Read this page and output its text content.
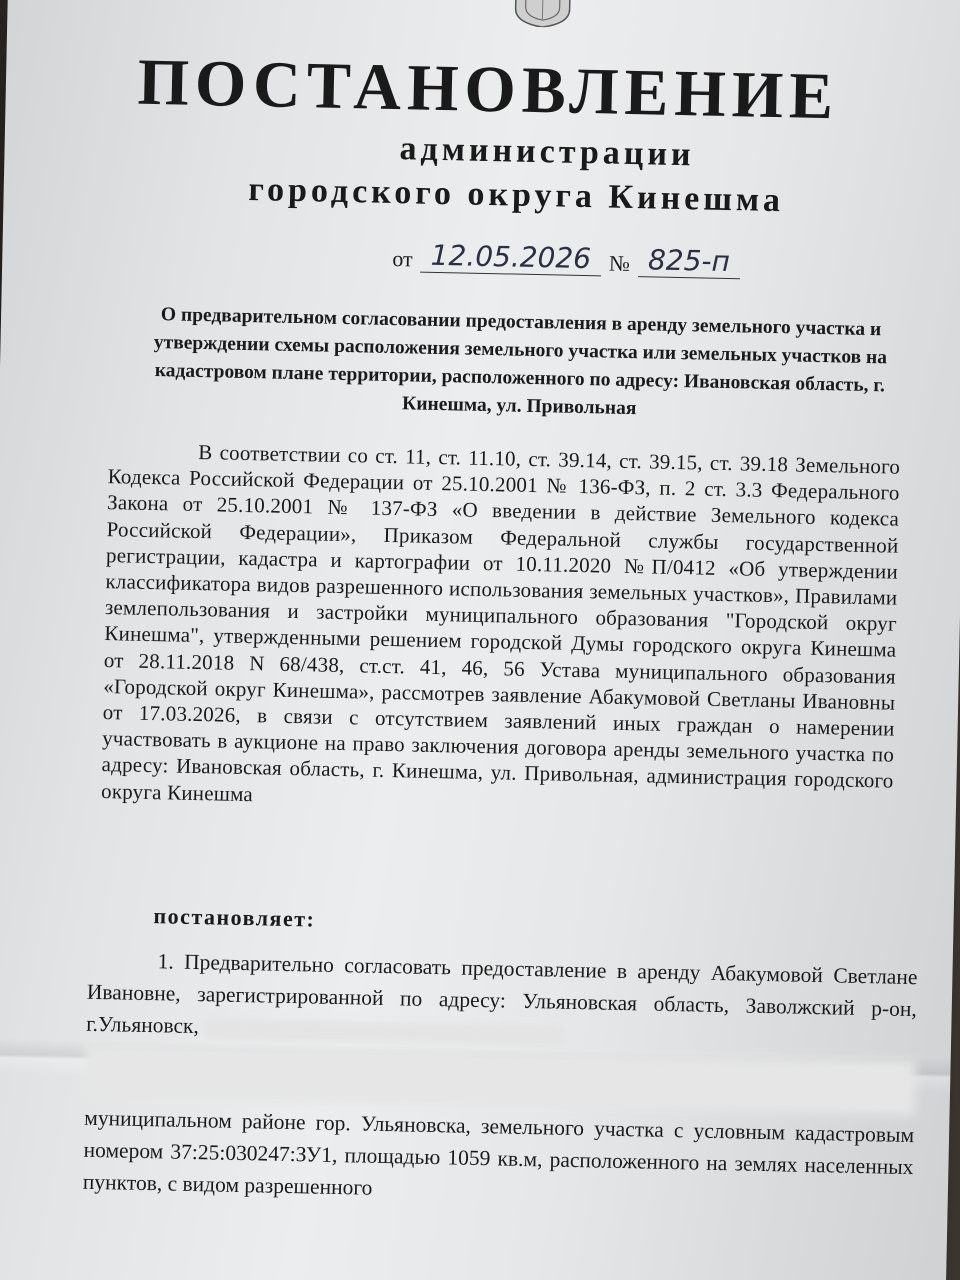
ПОСТАНОВЛЕНИЕ
администрации
городского округа Кинешма
от 12.05.2026 № 825-п
О предварительном согласовании предоставления в аренду земельного участка и утверждении схемы расположения земельного участка или земельных участков на кадастровом плане территории, расположенного по адресу: Ивановская область, г. Кинешма, ул. Привольная
В соответствии со ст. 11, ст. 11.10, ст. 39.14, ст. 39.15, ст. 39.18 Земельного Кодекса Российской Федерации от 25.10.2001 № 136-ФЗ, п. 2 ст. 3.3 Федерального Закона от 25.10.2001 № 137-ФЗ «О введении в действие Земельного кодекса Российской Федерации», Приказом Федеральной службы государственной регистрации, кадастра и картографии от 10.11.2020 №П/0412 «Об утверждении классификатора видов разрешенного использования земельных участков», Правилами землепользования и застройки муниципального образования "Городской округ Кинешма", утвержденными решением городской Думы городского округа Кинешма от 28.11.2018 N 68/438, ст.ст. 41, 46, 56 Устава муниципального образования «Городской округ Кинешма», рассмотрев заявление Абакумовой Светланы Ивановны от 17.03.2026, в связи с отсутствием заявлений иных граждан о намерении участвовать в аукционе на право заключения договора аренды земельного участка по адресу: Ивановская область, г. Кинешма, ул. Привольная, администрация городского округа Кинешма
постановляет:
1. Предварительно согласовать предоставление в аренду Абакумовой Светлане Ивановне, зарегистрированной по адресу: Ульяновская область, Заволжский р-он, г.Ульяновск,
муниципальном районе гор. Ульяновска, земельного участка с условным кадастровым номером 37:25:030247:ЗУ1, площадью 1059 кв.м, расположенного на землях населенных пунктов, с видом разрешенного
